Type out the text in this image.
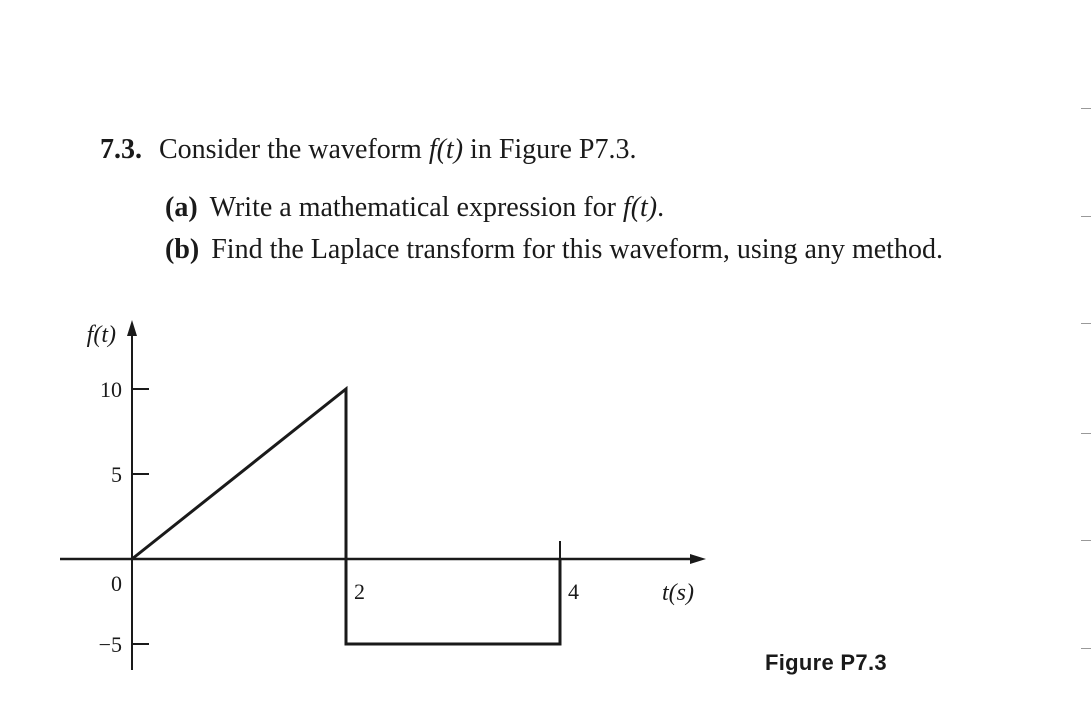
7.3. Consider the waveform f(t) in Figure P7.3.
(a) Write a mathematical expression for f(t).
(b) Find the Laplace transform for this waveform, using any method.
10
5
0
−5
2	4
f(t)
t(s)
Figure P7.3
